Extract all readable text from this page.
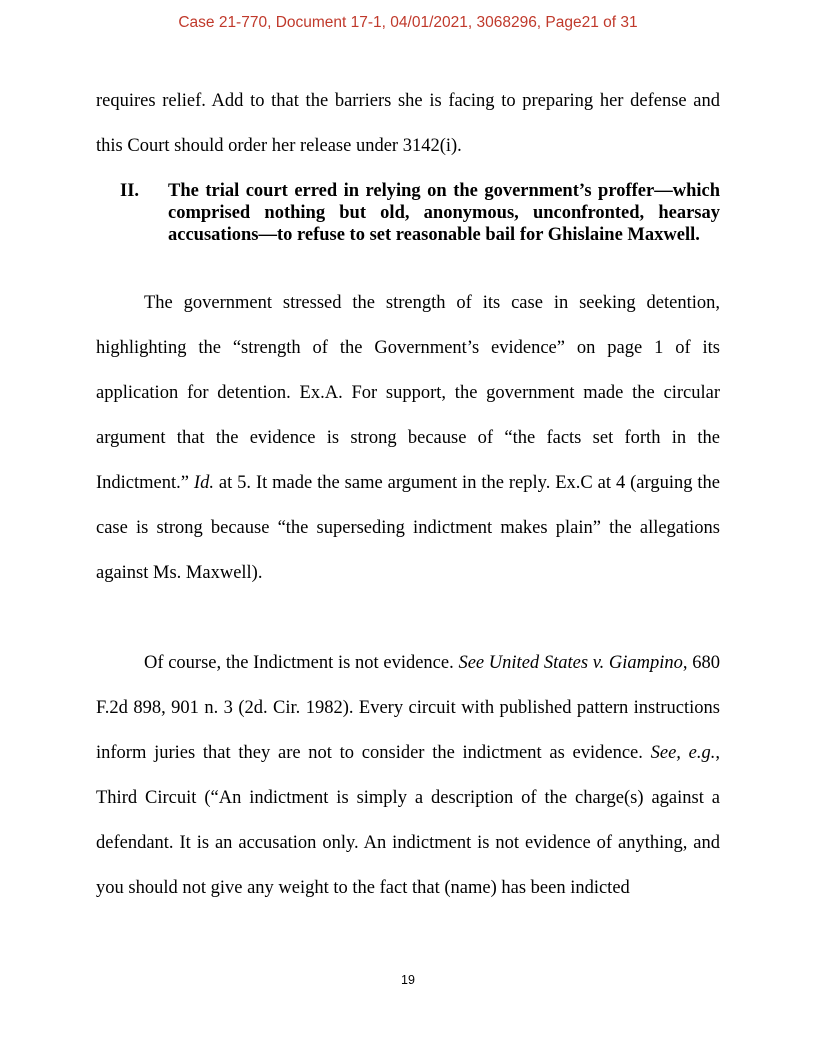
Case 21-770, Document 17-1, 04/01/2021, 3068296, Page21 of 31

requires relief. Add to that the barriers she is facing to preparing her defense and this Court should order her release under 3142(i).

II. The trial court erred in relying on the government’s proffer—which comprised nothing but old, anonymous, unconfronted, hearsay accusations—to refuse to set reasonable bail for Ghislaine Maxwell.

The government stressed the strength of its case in seeking detention, highlighting the “strength of the Government’s evidence” on page 1 of its application for detention. Ex.A. For support, the government made the circular argument that the evidence is strong because of “the facts set forth in the Indictment.” Id. at 5. It made the same argument in the reply. Ex.C at 4 (arguing the case is strong because “the superseding indictment makes plain” the allegations against Ms. Maxwell).

Of course, the Indictment is not evidence. See United States v. Giampino, 680 F.2d 898, 901 n. 3 (2d. Cir. 1982). Every circuit with published pattern instructions inform juries that they are not to consider the indictment as evidence. See, e.g., Third Circuit (“An indictment is simply a description of the charge(s) against a defendant. It is an accusation only. An indictment is not evidence of anything, and you should not give any weight to the fact that (name) has been indicted

19
